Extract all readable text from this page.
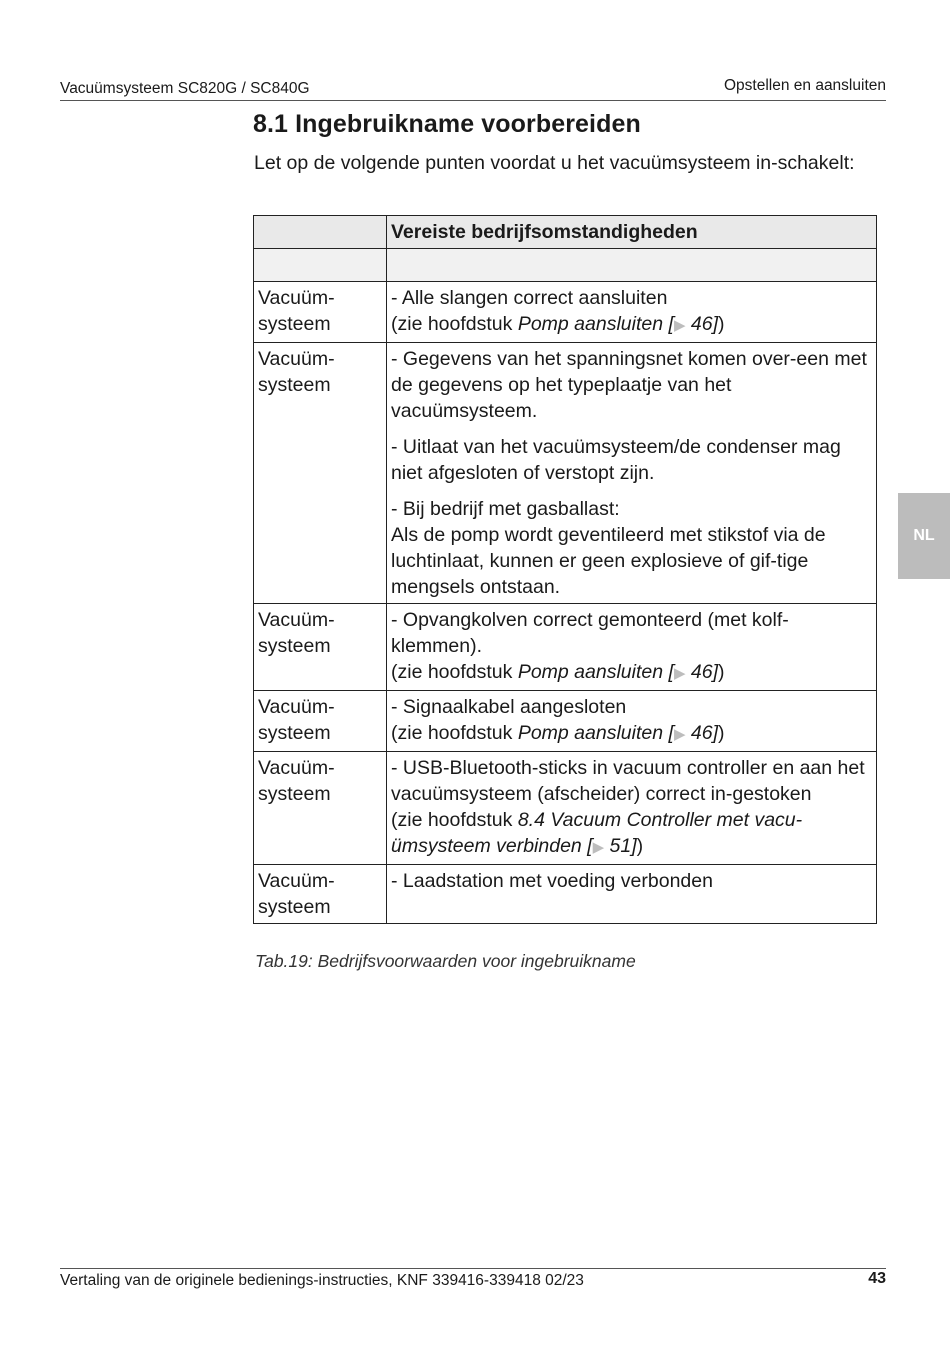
Vacuümsysteem SC820G / SC840G	Opstellen en aansluiten
8.1 Ingebruikname voorbereiden

Let op de volgende punten voordat u het vacuümsysteem in-schakelt:

	Vereiste bedrijfsomstandigheden

Vacuüm-systeem	- Alle slangen correct aansluiten
(zie hoofdstuk Pomp aansluiten [▶ 46])
Vacuüm-systeem	- Gegevens van het spanningsnet komen over-een met de gegevens op het typeplaatje van het vacuümsysteem.
- Uitlaat van het vacuümsysteem/de condenser mag niet afgesloten of verstopt zijn.
- Bij bedrijf met gasballast:
Als de pomp wordt geventileerd met stikstof via de luchtinlaat, kunnen er geen explosieve of gif-tige mengsels ontstaan.

Vacuüm-systeem	- Opvangkolven correct gemonteerd (met kolf-klemmen).
(zie hoofdstuk Pomp aansluiten [▶ 46])
Vacuüm-systeem	- Signaalkabel aangesloten
(zie hoofdstuk Pomp aansluiten [▶ 46])
Vacuüm-systeem	- USB-Bluetooth-sticks in vacuum controller en aan het vacuümsysteem (afscheider) correct in-gestoken
(zie hoofdstuk 8.4 Vacuum Controller met vacu-ümsysteem verbinden [▶ 51])
Vacuüm-systeem	- Laadstation met voeding verbonden
Tab.19: Bedrijfsvoorwaarden voor ingebruikname
NL
Vertaling van de originele bedienings-instructies, KNF 339416-339418 02/23	43
